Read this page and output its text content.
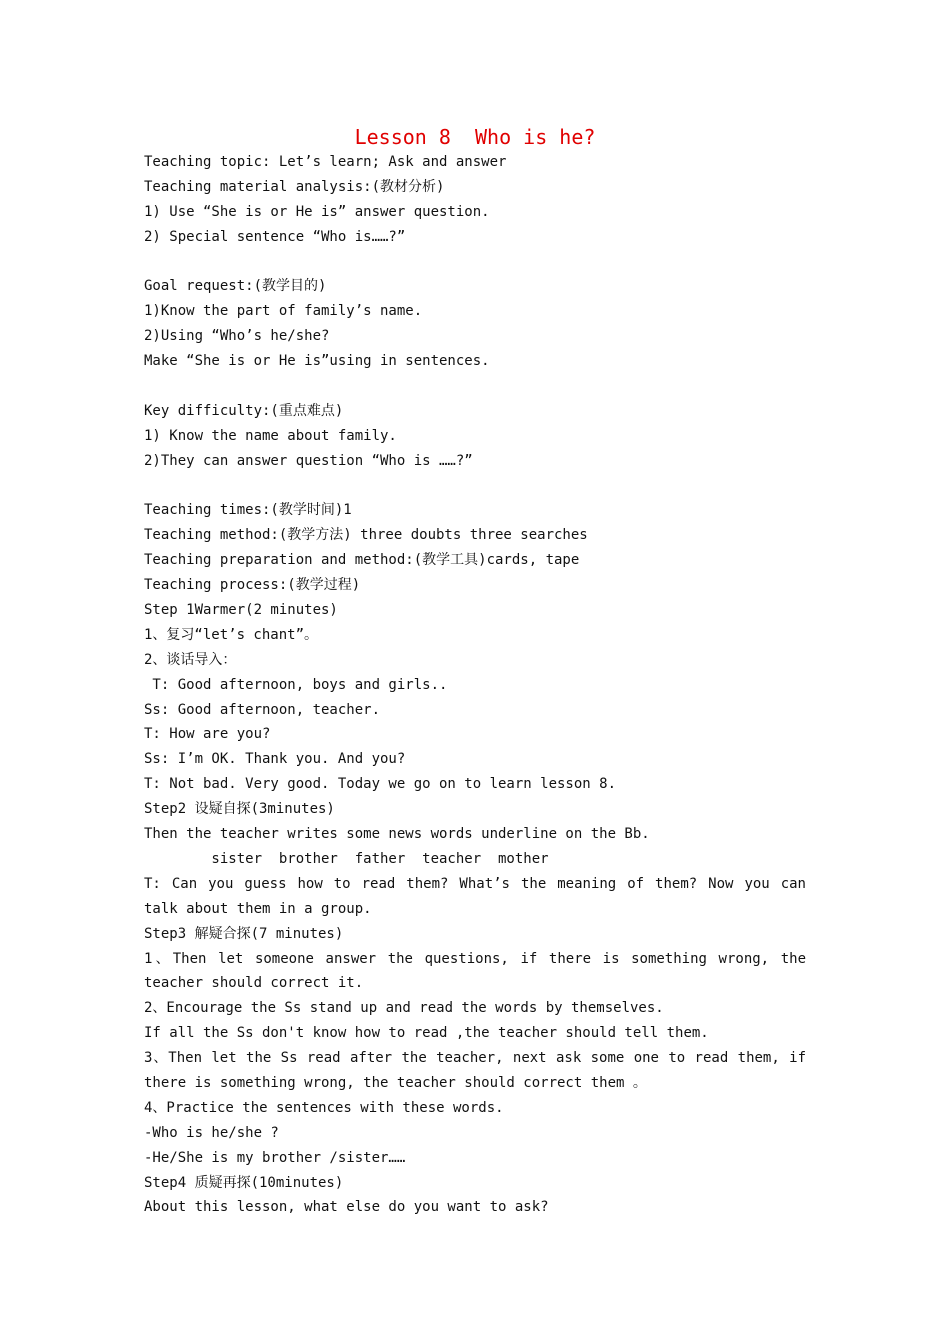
Lesson 8  Who is he?
Teaching topic: Let’s learn; Ask and answer
Teaching material analysis:(教材分析)
1) Use “She is or He is” answer question.
2) Special sentence “Who is……?”
Goal request:(教学目的)
1)Know the part of family’s name.
2)Using “Who’s he/she?
Make “She is or He is”using in sentences.
Key difficulty:(重点难点)
1) Know the name about family.
2)They can answer question “Who is ……?”
Teaching times:(教学时间)1
Teaching method:(教学方法) three doubts three searches
Teaching preparation and method:(教学工具)cards, tape
Teaching process:(教学过程)
Step 1Warmer(2 minutes)
1、复习“let’s chant”。
2、谈话导入：
T: Good afternoon, boys and girls..
Ss: Good afternoon, teacher.
T: How are you?
Ss: I’m OK. Thank you. And you?
T: Not bad. Very good. Today we go on to learn lesson 8.
Step2 设疑自探(3minutes)
Then the teacher writes some news words underline on the Bb.
sister  brother  father  teacher  mother
T: Can you guess how to read them? What’s the meaning of them? Now you can
talk about them in a group.
Step3 解疑合探(7 minutes)
1、Then let someone answer the questions, if there is something wrong, the
teacher should correct it.
2、Encourage the Ss stand up and read the words by themselves.
If all the Ss don't know how to read ,the teacher should tell them.
3、Then let the Ss read after the teacher, next ask some one to read them, if
there is something wrong, the teacher should correct them 。
4、Practice the sentences with these words.
-Who is he/she ?
-He/She is my brother /sister……
Step4 质疑再探(10minutes)
About this lesson, what else do you want to ask?
